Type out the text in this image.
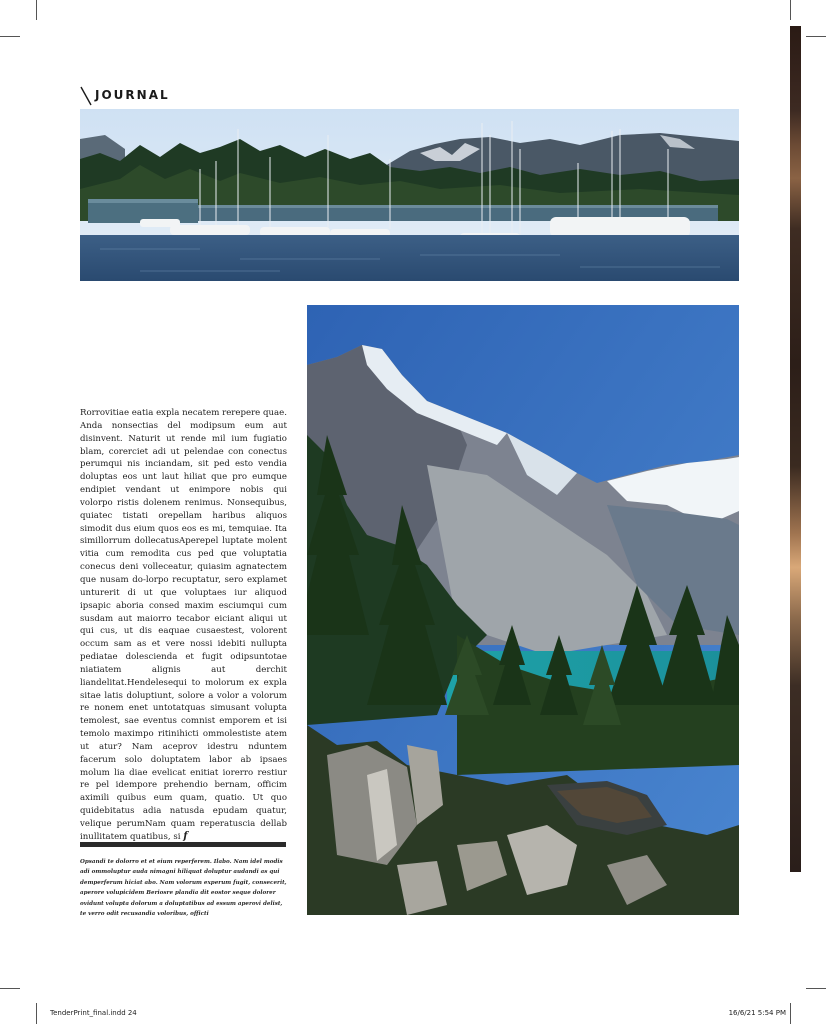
JOURNAL
Rorrovitiae eatia expla necatem rerepere quae. Anda nonsectias del modipsum eum aut disinvent. Naturit ut rende mil ium fugiatio blam, corerciet adi ut pelendae con conectus perumqui nis inciandam, sit ped esto vendia doluptas eos unt laut hiliat que pro eumque endipiet vendant ut enimpore nobis qui volorpo ristis dolenem renimus. Nonsequibus, quiatec tistati orepellam haribus aliquos simodit dus eium quos eos es mi, temquiae. Ita simillorrum dollecatusAperepel luptate molent vitia cum remodita cus ped que voluptatia conecus deni volleceatur, quiasim agnatectem que nusam do-lorpo recuptatur, sero explamet unturerit di ut que voluptaes iur aliquod ipsapic aboria consed maxim esciumqui cum susdam aut maiorro tecabor eiciant aliqui ut qui cus, ut dis eaquae cusaestest, volorent occum sam as et vere nossi idebiti nullupta pediatae dolescienda et fugit odipsuntotae niatiatem alignis aut derchit liandelitat.Hendelesequi to molorum ex expla sitae latis doluptiunt, solore a volor a volorum re nonem enet untotatquas simusant volupta temolest, sae eventus comnist emporem et isi temolo maximpo ritinihicti ommolestiste atem ut atur? Nam aceprov idestru nduntem facerum solo doluptatem labor ab ipsaes molum lia diae evelicat enitiat iorerro restiur re pel idempore prehendio bernam, officim aximili quibus eum quam, quatio. Ut quo quidebitatus adia natusda epudam quatur, velique perumNam quam reperatuscia dellab inullitatem quatibus, si f
Opsandi te dolorro et et eium reperferem. Ilabo. Nam idel modis adi ommoluptur auda nimagni hiliquat doluptur audandi as qui demperferum hiciat abo. Nam volorum experum fugit, consecerit, aperore volupicidem Beriosre plandia dit eostor seque dolorer ovidunt volupta dolorum a doluptatibus ad essum aperovi delist, te verro odit recusandia voloribus, officti
TenderPrint_final.indd 24	16/6/21 5:54 PM
